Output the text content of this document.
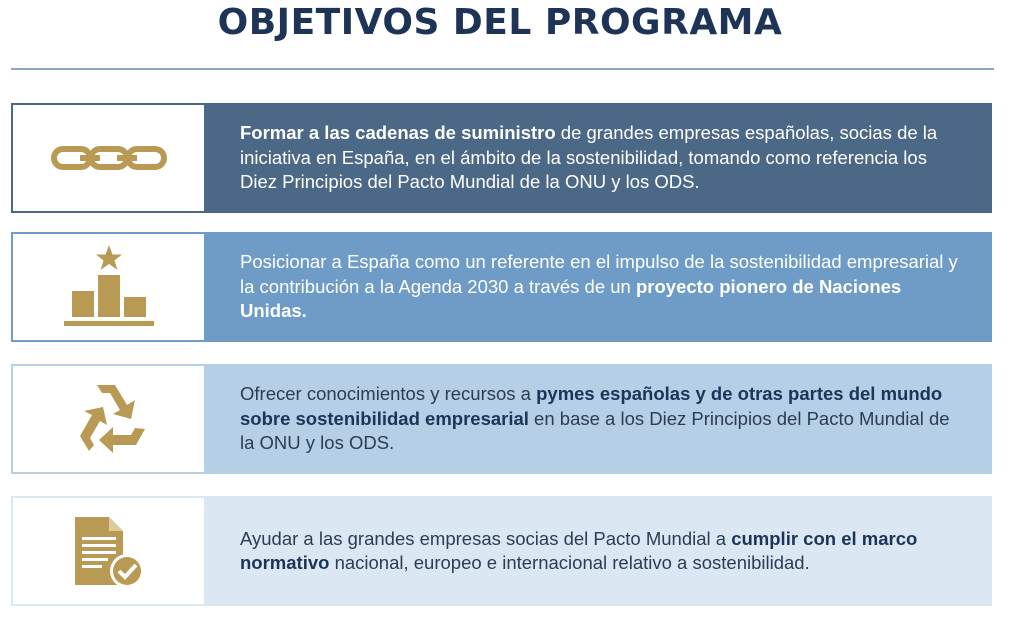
OBJETIVOS DEL PROGRAMA
Formar a las cadenas de suministro de grandes empresas españolas, socias de la iniciativa en España, en el ámbito de la sostenibilidad, tomando como referencia los Diez Principios del Pacto Mundial de la ONU y los ODS.
Posicionar a España como un referente en el impulso de la sostenibilidad empresarial y la contribución a la Agenda 2030 a través de un proyecto pionero de Naciones Unidas.
Ofrecer conocimientos y recursos a pymes españolas y de otras partes del mundo sobre sostenibilidad empresarial en base a los Diez Principios del Pacto Mundial de la ONU y los ODS.
Ayudar a las grandes empresas socias del Pacto Mundial a cumplir con el marco normativo nacional, europeo e internacional relativo a sostenibilidad.
